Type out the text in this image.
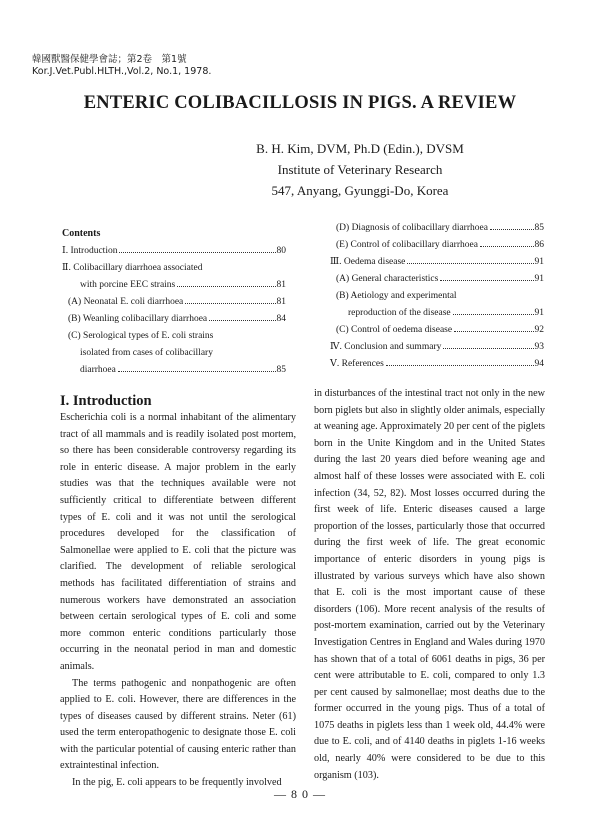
韓國獸醫保健學會誌；第2卷　第1號
Kor.J.Vet.Publ.HLTH.,Vol.2, No.1, 1978.
ENTERIC COLIBACILLOSIS IN PIGS. A REVIEW
B. H. Kim, DVM, Ph.D (Edin.), DVSM
Institute of Veterinary Research
547, Anyang, Gyunggi-Do, Korea
Contents
Ⅰ. Introduction	80
Ⅱ. Colibacillary diarrhoea associated
with porcine EEC strains	81
(A) Neonatal E. coli diarrhoea	81
(B) Weanling colibacillary diarrhoea	84
(C) Serological types of E. coli strains
isolated from cases of colibacillary
diarrhoea	85
(D) Diagnosis of colibacillary diarrhoea	85
(E) Control of colibacillary diarrhoea	86
Ⅲ. Oedema disease	91
(A) General characteristics	91
(B) Aetiology and experimental
reproduction of the disease	91
(C) Control of oedema disease	92
Ⅳ. Conclusion and summary	93
Ⅴ. References	94
I. Introduction

Escherichia coli is a normal inhabitant of the alimentary tract of all mammals and is readily isolated post mortem, so there has been considerable controversy regarding its role in enteric disease. A major problem in the early studies was that the techniques available were not sufficiently critical to differentiate between different types of E. coli and it was not until the serological procedures developed for the classification of Salmonellae were applied to E. coli that the picture was clarified. The development of reliable serological methods has facilitated differentiation of strains and numerous workers have demonstrated an association between certain serological types of E. coli and some more common enteric conditions particularly those occurring in the neonatal period in man and domestic animals.

The terms pathogenic and nonpathogenic are often applied to E. coli. However, there are differences in the types of diseases caused by different strains. Neter (61) used the term enteropathogenic to designate those E. coli with the particular potential of causing enteric rather than extraintestinal infection.

In the pig, E. coli appears to be frequently involved

in disturbances of the intestinal tract not only in the new born piglets but also in slightly older animals, especially at weaning age. Approximately 20 per cent of the piglets born in the Unite Kingdom and in the United States during the last 20 years died before weaning age and almost half of these losses were associated with E. coli infection (34, 52, 82). Most losses occurred during the first week of life. Enteric diseases caused a large proportion of the losses, particularly those that occurred during the first week of life. The great economic importance of enteric disorders in young pigs is illustrated by various surveys which have also shown that E. coli is the most important cause of these disorders (106). More recent analysis of the results of post-mortem examination, carried out by the Veterinary Investigation Centres in England and Wales during 1970 has shown that of a total of 6061 deaths in pigs, 36 per cent were attributable to E. coli, compared to only 1.3 per cent caused by salmonellae; most deaths due to the former occurred in the young pigs. Thus of a total of 1075 deaths in piglets less than 1 week old, 44.4% were due to E. coli, and of 4140 deaths in piglets 1-16 weeks old, nearly 40% were considered to be due to this organism (103).

— 8 0 —
